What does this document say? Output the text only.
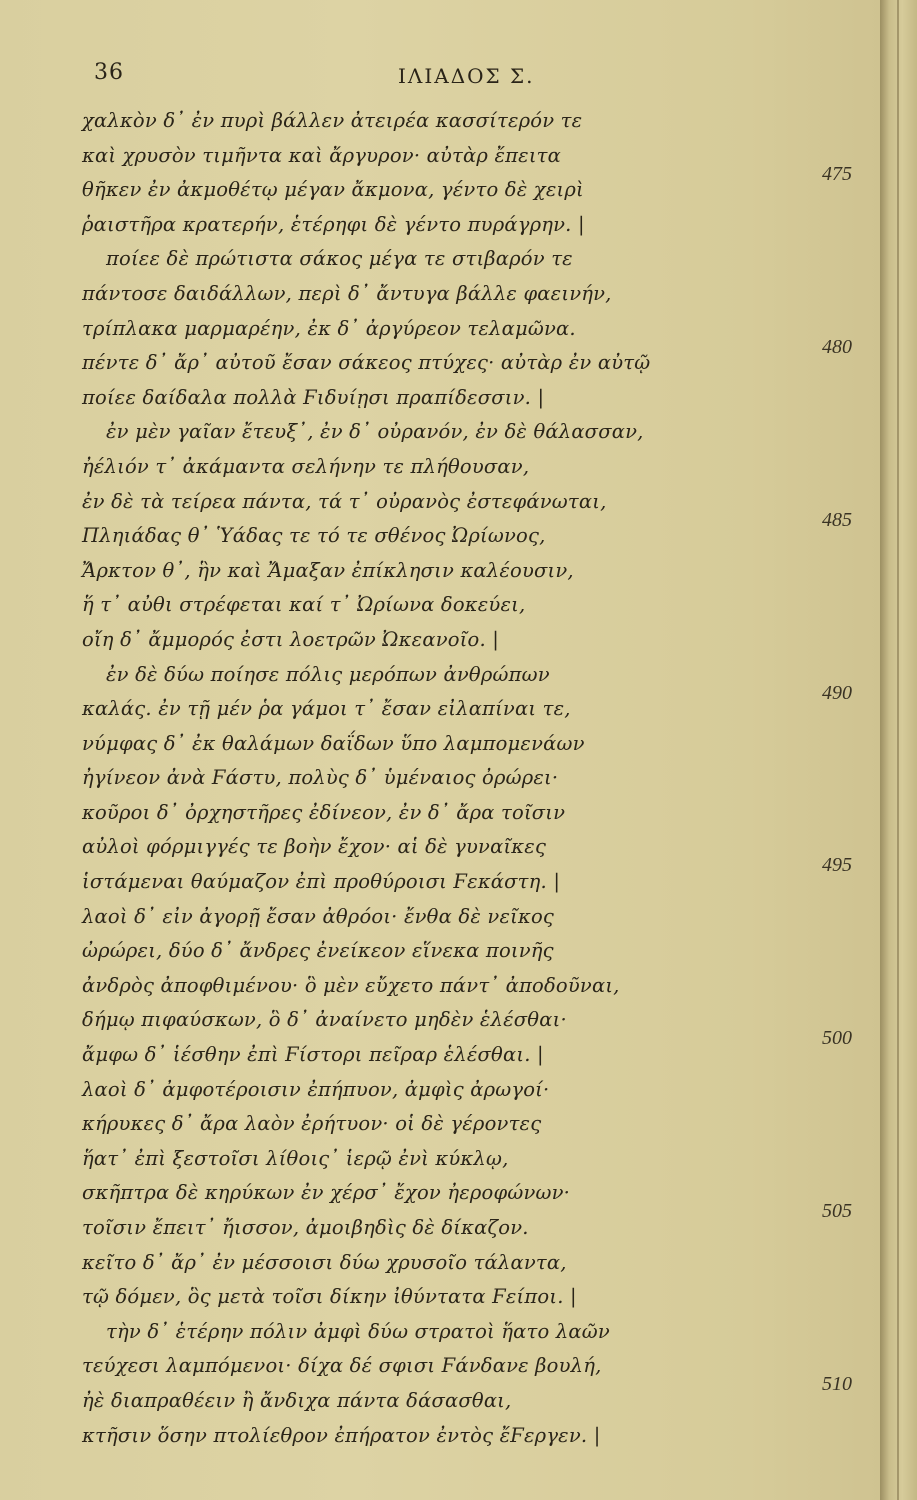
36	ΙΛΙΑΔΟΣ Σ.
χαλκὸν δ᾽ ἐν πυρὶ βάλλεν ἀτειρέα κασσίτερόν τε
καὶ χρυσὸν τιμῆντα καὶ ἄργυρον· αὐτὰρ ἔπειτα
475
θῆκεν ἐν ἀκμοθέτῳ μέγαν ἄκμονα, γέντο δὲ χειρὶ
ῥαιστῆρα κρατερήν, ἑτέρηφι δὲ γέντο πυράγρην. |
ποίεε δὲ πρώτιστα σάκος μέγα τε στιβαρόν τε
πάντοσε δαιδάλλων, περὶ δ᾽ ἄντυγα βάλλε φαεινήν,
τρίπλακα μαρμαρέην, ἐκ δ᾽ ἀργύρεον τελαμῶνα.
480
πέντε δ᾽ ἄρ᾽ αὐτοῦ ἔσαν σάκεος πτύχες· αὐτὰρ ἐν αὐτῷ
ποίεε δαίδαλα πολλὰ Ϝιδυίῃσι πραπίδεσσιν. |
ἐν μὲν γαῖαν ἔτευξ᾽, ἐν δ᾽ οὐρανόν, ἐν δὲ θάλασσαν,
ἠέλιόν τ᾽ ἀκάμαντα σελήνην τε πλήθουσαν,
ἐν δὲ τὰ τείρεα πάντα, τά τ᾽ οὐρανὸς ἐστεφάνωται,
485
Πληιάδας θ᾽ Ὑάδας τε τό τε σθένος Ὠρίωνος,
Ἄρκτον θ᾽, ἣν καὶ Ἄμαξαν ἐπίκλησιν καλέουσιν,
ἥ τ᾽ αὐθι στρέφεται καί τ᾽ Ὠρίωνα δοκεύει,
οἴη δ᾽ ἄμμορός ἐστι λοετρῶν Ὠκεανοῖο. |
ἐν δὲ δύω ποίησε πόλις μερόπων ἀνθρώπων
490
καλάς. ἐν τῇ μέν ῥα γάμοι τ᾽ ἔσαν εἰλαπίναι τε,
νύμφας δ᾽ ἐκ θαλάμων δαΐδων ὕπο λαμπομενάων
ἠγίνεον ἀνὰ Ϝάστυ, πολὺς δ᾽ ὑμέναιος ὀρώρει·
κοῦροι δ᾽ ὀρχηστῆρες ἐδίνεον, ἐν δ᾽ ἄρα τοῖσιν
αὐλοὶ φόρμιγγές τε βοὴν ἔχον· αἱ δὲ γυναῖκες
495
ἱστάμεναι θαύμαζον ἐπὶ προθύροισι Ϝεκάστη. |
λαοὶ δ᾽ εἰν ἀγορῇ ἔσαν ἀθρόοι· ἔνθα δὲ νεῖκος
ὠρώρει, δύο δ᾽ ἄνδρες ἐνείκεον εἵνεκα ποινῆς
ἀνδρὸς ἀποφθιμένου· ὃ μὲν εὔχετο πάντ᾽ ἀποδοῦναι,
δήμῳ πιφαύσκων, ὃ δ᾽ ἀναίνετο μηδὲν ἑλέσθαι·
500
ἄμφω δ᾽ ἱέσθην ἐπὶ Ϝίστορι πεῖραρ ἑλέσθαι. |
λαοὶ δ᾽ ἀμφοτέροισιν ἐπήπυον, ἀμφὶς ἀρωγοί·
κήρυκες δ᾽ ἄρα λαὸν ἐρήτυον· οἱ δὲ γέροντες
ἥατ᾽ ἐπὶ ξεστοῖσι λίθοις᾽ ἱερῷ ἐνὶ κύκλῳ,
σκῆπτρα δὲ κηρύκων ἐν χέρσ᾽ ἔχον ἠεροφώνων·
505
τοῖσιν ἔπειτ᾽ ἤισσον, ἀμοιβηδὶς δὲ δίκαζον.
κεῖτο δ᾽ ἄρ᾽ ἐν μέσσοισι δύω χρυσοῖο τάλαντα,
τῷ δόμεν, ὃς μετὰ τοῖσι δίκην ἰθύντατα Ϝείποι. |
τὴν δ᾽ ἑτέρην πόλιν ἀμφὶ δύω στρατοὶ ἥατο λαῶν
τεύχεσι λαμπόμενοι· δίχα δέ σφισι Ϝάνδανε βουλή,
510
ἠὲ διαπραθέειν ἢ ἄνδιχα πάντα δάσασθαι,
κτῆσιν ὅσην πτολίεθρον ἐπήρατον ἐντὸς ἔϜεργεν. |
